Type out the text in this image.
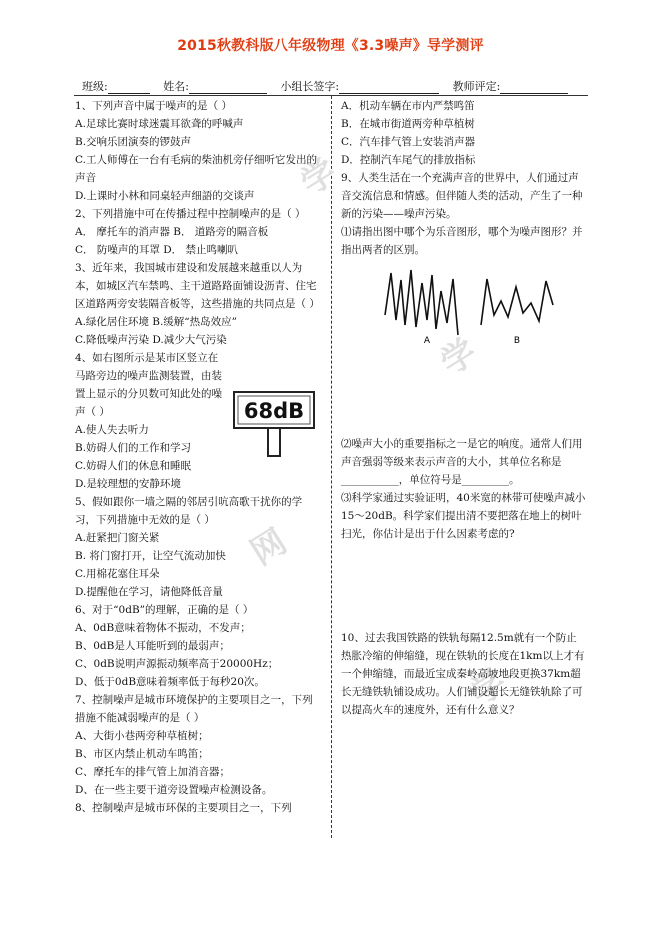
2015秋教科版八年级物理《3.3噪声》导学测评
班级:	姓名:	小组长签字:	教师评定:
学
学
网
学

1、下列声音中属于噪声的是（ ）

A.足球比赛时球迷震耳欲聋的呼喊声

B.交响乐团演奏的锣鼓声

C.工人师傅在一台有毛病的柴油机旁仔细听它发出的声音

D.上课时小林和同桌轻声细語的交谈声

2、下列措施中可在传播过程中控制噪声的是（ ）

A． 摩托车的消声器 B． 道路旁的隔音板

C． 防噪声的耳罩 D． 禁止鸣喇叭

3、近年来，我国城市建设和发展越来越重以人为本，如城区汽车禁鸣、主干道路路面铺设沥青、住宅区道路两旁安装隔音板等，这些措施的共同点是（ ）

A.绿化居住环境 B.缓解“热岛效应”

C.降低噪声污染 D.减少大气污染

4、如右图所示是某市区竖立在马路旁边的噪声监测装置，由装置上显示的分贝数可知此处的噪声（ ）

A.使人失去听力

B.妨碍人们的工作和学习

C.妨碍人们的休息和睡眠

D.是较理想的安静环境

5、假如跟你一墙之隔的邻居引吭高歌干扰你的学习，下列措施中无效的是（ ）

A.赶紧把门窗关紧

B. 将门窗打开，让空气流动加快

C.用棉花塞住耳朵

D.提醒他在学习，请他降低音量

6、对于“0dB”的理解，正确的是（ ）

A、0dB意味着物体不振动，不发声；

B、0dB是人耳能听到的最弱声；

C、0dB说明声源振动频率高于20000Hz；

D、低于0dB意味着频率低于每秒20次。

7、控制噪声是城市环境保护的主要项目之一，下列措施不能减弱噪声的是（ ）

A、大街小巷两旁种草植树；

B、市区内禁止机动车鸣笛；

C、摩托车的排气管上加消音器；

D、在一些主要干道旁设置噪声检测设备。

8、控制噪声是城市环保的主要项目之一，下列

68dB

A．机动车辆在市内严禁鸣笛

B．在城市街道两旁种草植树

C．汽车排气管上安装消声器

D．控制汽车尾气的排放指标

9、人类生活在一个充满声音的世界中，人们通过声音交流信息和情感。但伴随人类的活动，产生了一种新的污染——噪声污染。

⑴请指出图中哪个为乐音图形，哪个为噪声图形？并指出两者的区别。

A	B

⑵噪声大小的重要指标之一是它的响度。通常人们用声音强弱等级来表示声音的大小，其单位名称是___________，单位符号是_________。

⑶科学家通过实验证明，40米宽的林带可使噪声减小15～20dB。科学家们提出清不要把落在地上的树叶扫光，你估计是出于什么因素考虑的?

10、过去我国铁路的铁轨每隔12.5m就有一个防止热胀冷缩的伸缩缝，现在铁轨的长度在1km以上才有一个伸缩缝，而最近宝成秦岭高坡地段更换37km超长无缝铁轨铺设成功。人们铺设超长无缝铁轨除了可以提高火车的速度外，还有什么意义？
